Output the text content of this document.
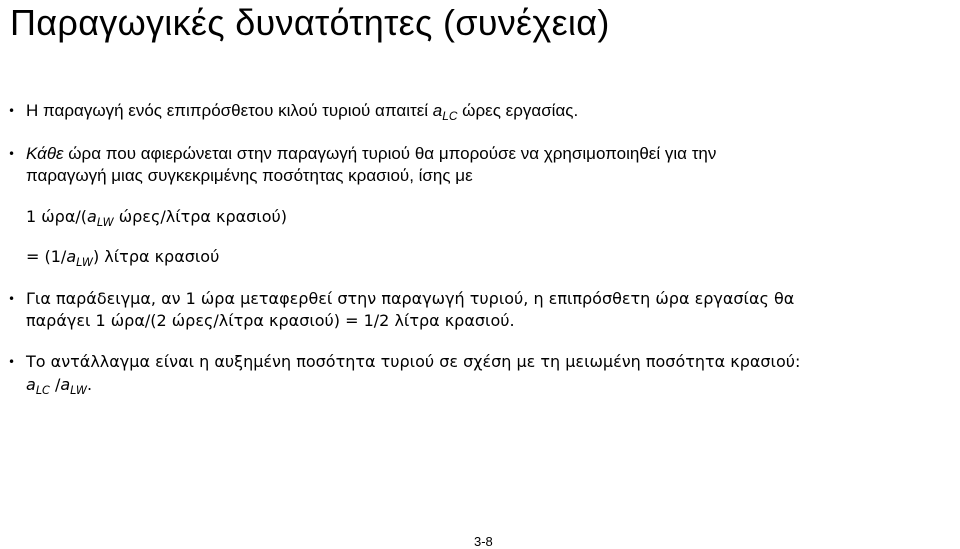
Παραγωγικές δυνατότητες (συνέχεια)
• Η παραγωγή ενός επιπρόσθετου κιλού τυριού απαιτεί $a_{LC}$ ώρες εργασίας.
• Κάθε ώρα που αφιερώνεται στην παραγωγή τυριού θα μπορούσε να χρησιμοποιηθεί για την
παραγωγή μιας συγκεκριμένης ποσότητας κρασιού, ίσης με
1 ώρα/($a_{LW}$ ώρες/λίτρα κρασιού)
= $(1/a_{LW})$ λίτρα κρασιού
• Για παράδειγμα, αν 1 ώρα μεταφερθεί στην παραγωγή τυριού, η επιπρόσθετη ώρα εργασίας θα
παράγει 1 ώρα/(2 ώρες/λίτρα κρασιού) = 1/2 λίτρα κρασιού.
• Το αντάλλαγμα είναι η αυξημένη ποσότητα τυριού σε σχέση με τη μειωμένη ποσότητα κρασιού:
$a_{LC}$ $/a_{LW}$.
3-8
